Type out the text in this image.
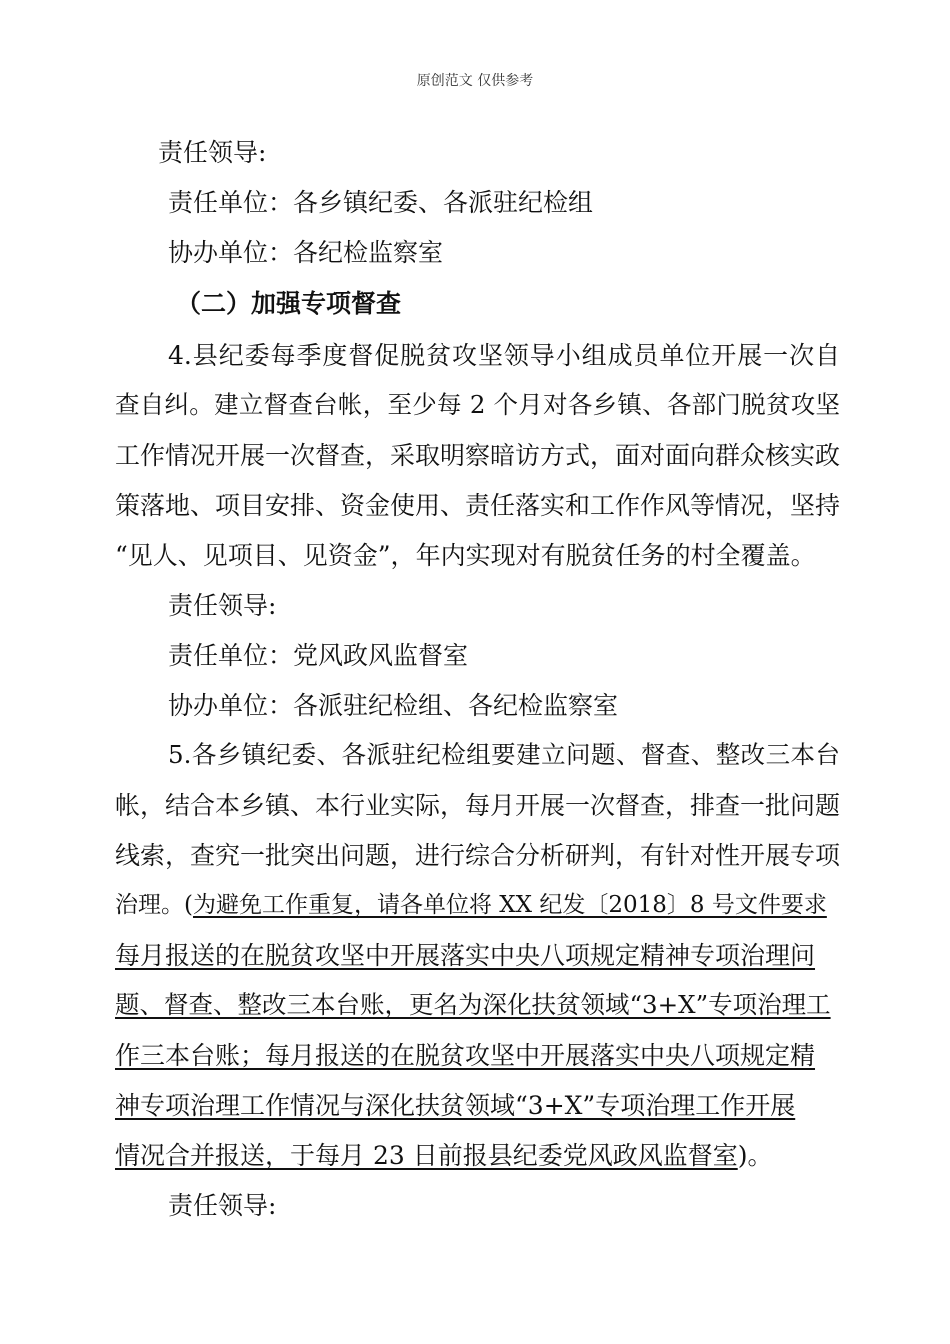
原创范文 仅供参考
责任领导:
责任单位：各乡镇纪委、各派驻纪检组
协办单位：各纪检监察室
（二）加强专项督查
4.县纪委每季度督促脱贫攻坚领导小组成员单位开展一次自
查自纠。建立督查台帐，至少每 2 个月对各乡镇、各部门脱贫攻坚
工作情况开展一次督查，采取明察暗访方式，面对面向群众核实政
策落地、项目安排、资金使用、责任落实和工作作风等情况，坚持
“见人、见项目、见资金”，年内实现对有脱贫任务的村全覆盖。
责任领导:
责任单位：党风政风监督室
协办单位：各派驻纪检组、各纪检监察室
5.各乡镇纪委、各派驻纪检组要建立问题、督查、整改三本台
帐，结合本乡镇、本行业实际，每月开展一次督查，排查一批问题
线索，查究一批突出问题，进行综合分析研判，有针对性开展专项
治理。(为避免工作重复，请各单位将 XX 纪发〔2018〕8 号文件要求
每月报送的在脱贫攻坚中开展落实中央八项规定精神专项治理问
题、督查、整改三本台账，更名为深化扶贫领域“3+X”专项治理工
作三本台账；每月报送的在脱贫攻坚中开展落实中央八项规定精
神专项治理工作情况与深化扶贫领域“3+X”专项治理工作开展
情况合并报送，于每月 23 日前报县纪委党风政风监督室)。
责任领导:
